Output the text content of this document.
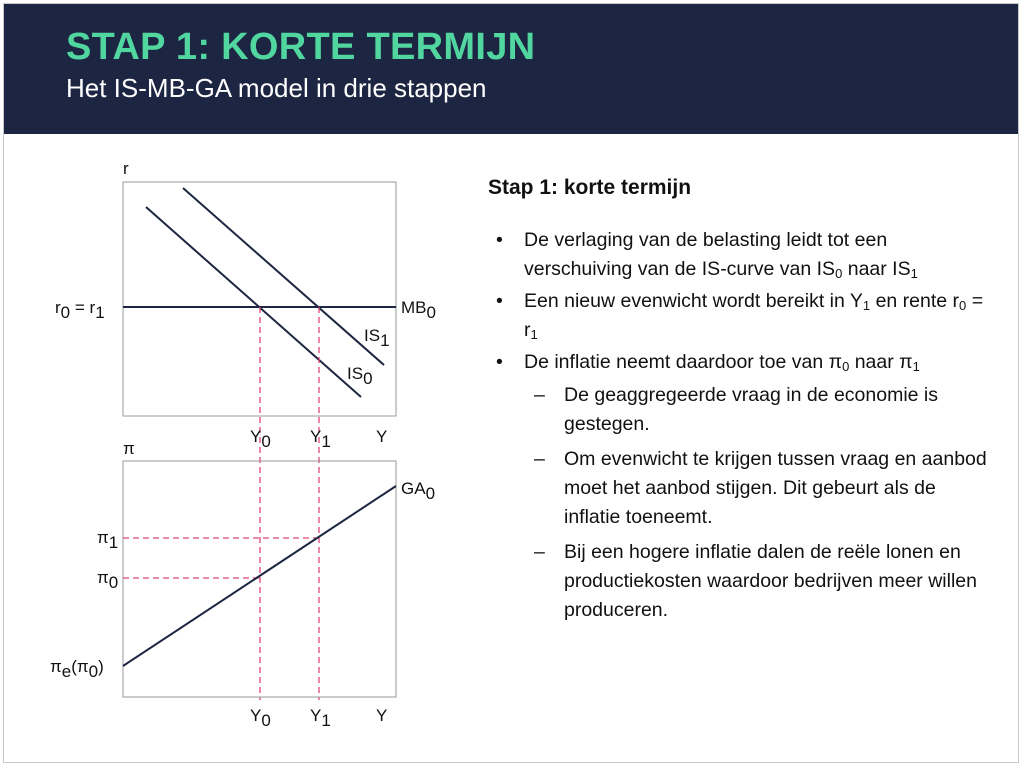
STAP 1: KORTE TERMIJN
Het IS-MB-GA model in drie stappen
r
r0 = r1	MB0
IS1
IS0
Y0 Y1	Y
π
GA0
π1
π0
πe(π0)
Y0 Y1	Y
Stap 1: korte termijn
• De verlaging van de belasting leidt tot een verschuiving van de IS-curve van $IS_0$ naar $IS_1$
• Een nieuw evenwicht wordt bereikt in $Y_1$ en rente $r_0 = r_1$
• De inflatie neemt daardoor toe van $\pi_0$ naar $\pi_1$
– De geaggregeerde vraag in de economie is gestegen.
– Om evenwicht te krijgen tussen vraag en aanbod moet het aanbod stijgen. Dit gebeurt als de inflatie toeneemt.
– Bij een hogere inflatie dalen de reële lonen en productiekosten waardoor bedrijven meer willen produceren.
